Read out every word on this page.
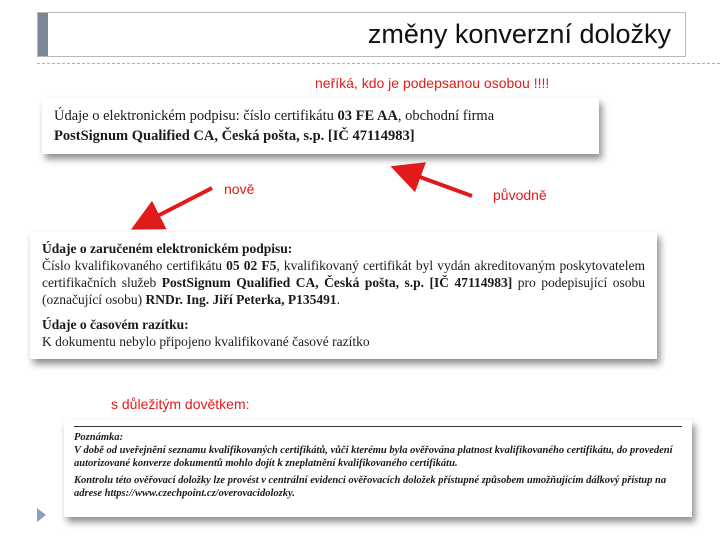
změny konverzní doložky
neříká, kdo je podepsanou osobou !!!!
Údaje o elektronickém podpisu: číslo certifikátu 03 FE AA, obchodní firma
PostSignum Qualified CA, Česká pošta, s.p. [IČ 47114983]
nově	původně
Údaje o zaručeném elektronickém podpisu:
Číslo kvalifikovaného certifikátu 05 02 F5, kvalifikovaný certifikát byl vydán akreditovaným poskytovatelem certifikačních služeb PostSignum Qualified CA, Česká pošta, s.p. [IČ 47114983] pro podepisující osobu (označující osobu) RNDr. Ing. Jiří Peterka, P135491.
Údaje o časovém razítku:
K dokumentu nebylo připojeno kvalifikované časové razítko
s důležitým dovětkem:
Poznámka:
V době od uveřejnění seznamu kvalifikovaných certifikátů, vůči kterému byla ověřována platnost kvalifikovaného certifikátu, do provedení autorizované konverze dokumentů mohlo dojít k zneplatnění kvalifikovaného certifikátu.
Kontrolu této ověřovací doložky lze provést v centrální evidenci ověřovacích doložek přístupné způsobem umožňujícím dálkový přístup na adrese https://www.czechpoint.cz/overovacidolozky.
